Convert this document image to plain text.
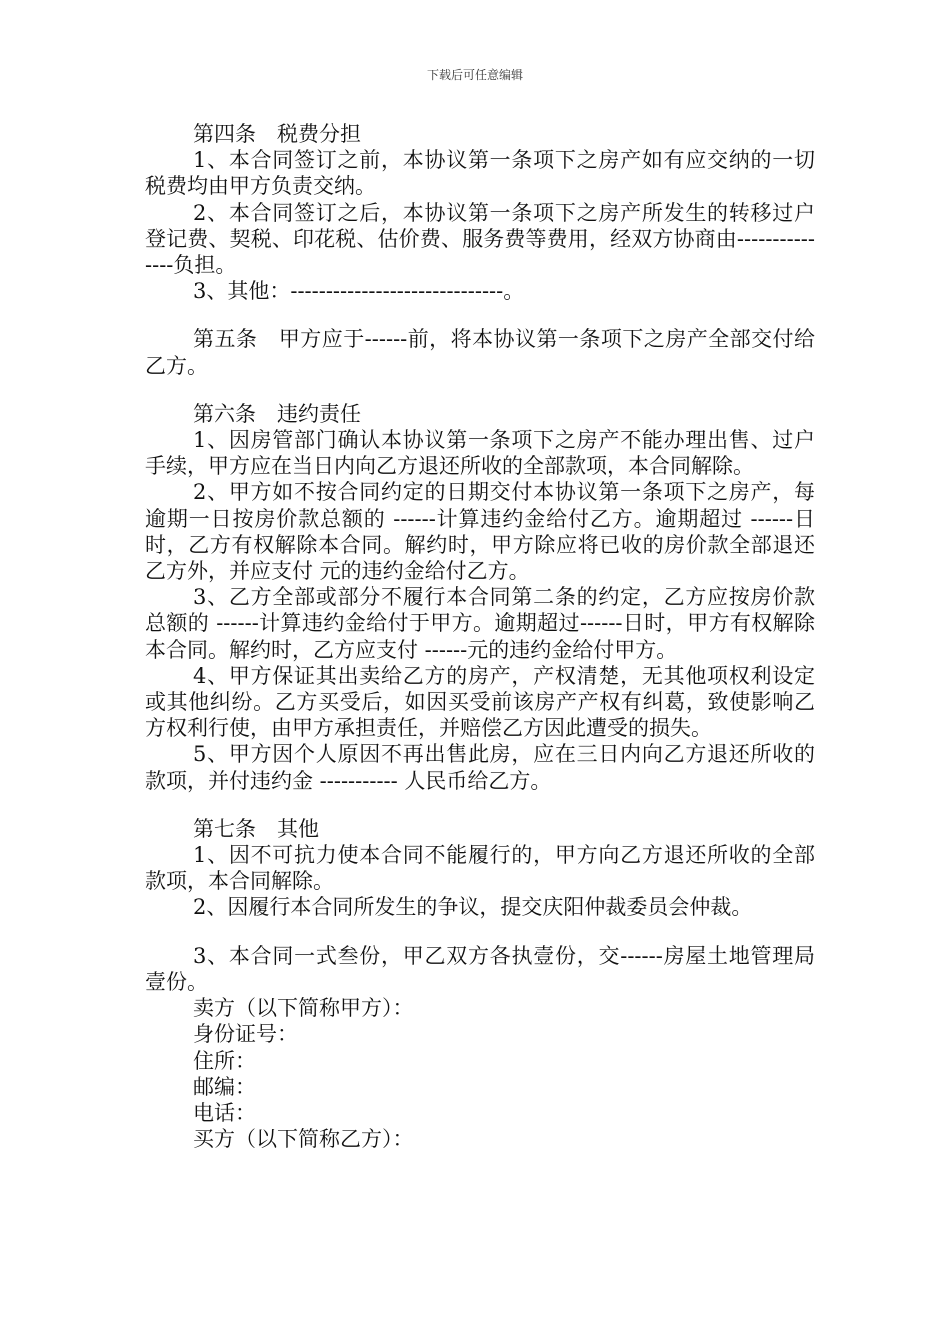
下载后可任意编辑

第四条　税费分担

1、本合同签订之前，本协议第一条项下之房产如有应交纳的一切税费均由甲方负责交纳。

2、本合同签订之后，本协议第一条项下之房产所发生的转移过户登记费、契税、印花税、估价费、服务费等费用，经双方协商由---------------负担。

3、其他：------------------------------。

第五条　甲方应于------前，将本协议第一条项下之房产全部交付给乙方。

第六条　违约责任

1、因房管部门确认本协议第一条项下之房产不能办理出售、过户手续，甲方应在当日内向乙方退还所收的全部款项，本合同解除。

2、甲方如不按合同约定的日期交付本协议第一条项下之房产，每逾期一日按房价款总额的 ------计算违约金给付乙方。逾期超过 ------日时，乙方有权解除本合同。解约时，甲方除应将已收的房价款全部退还乙方外，并应支付 元的违约金给付乙方。

3、乙方全部或部分不履行本合同第二条的约定，乙方应按房价款总额的 ------计算违约金给付于甲方。逾期超过------日时，甲方有权解除本合同。解约时，乙方应支付 ------元的违约金给付甲方。

4、甲方保证其出卖给乙方的房产，产权清楚，无其他项权利设定或其他纠纷。乙方买受后，如因买受前该房产产权有纠葛，致使影响乙方权利行使，由甲方承担责任，并赔偿乙方因此遭受的损失。

5、甲方因个人原因不再出售此房，应在三日内向乙方退还所收的款项，并付违约金 ----------- 人民币给乙方。

第七条　其他

1、因不可抗力使本合同不能履行的，甲方向乙方退还所收的全部款项，本合同解除。

2、因履行本合同所发生的争议，提交庆阳仲裁委员会仲裁。

3、本合同一式叁份，甲乙双方各执壹份，交------房屋土地管理局壹份。

卖方（以下简称甲方）：

身份证号：

住所：

邮编：

电话：

买方（以下简称乙方）：
